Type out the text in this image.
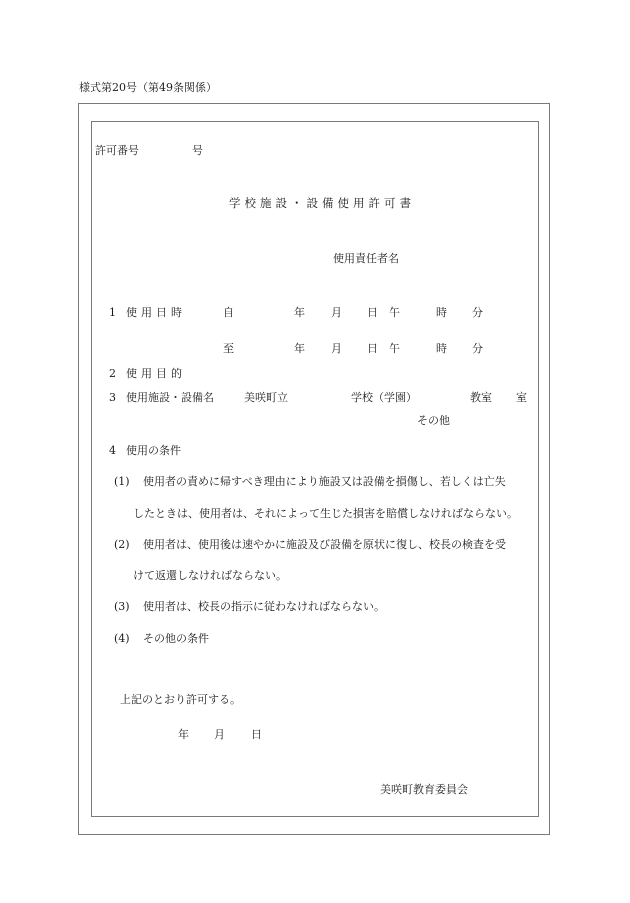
様式第20号（第49条関係）
許可番号	号
学校施設・設備使用許可書
使用責任者名
1 使用日時	自	年 月 日 午	時 分
至	年 月 日 午	時 分
2 使用目的
3 使用施設・設備名	美咲町立	学校（学園）	教室 室
その他
4 使用の条件
(1) 使用者の責めに帰すべき理由により施設又は設備を損傷し、若しくは亡失
したときは、使用者は、それによって生じた損害を賠償しなければならない。
(2) 使用者は、使用後は速やかに施設及び設備を原状に復し、校長の検査を受
けて返還しなければならない。
(3) 使用者は、校長の指示に従わなければならない。
(4) その他の条件
上記のとおり許可する。
年 月 日
美咲町教育委員会
